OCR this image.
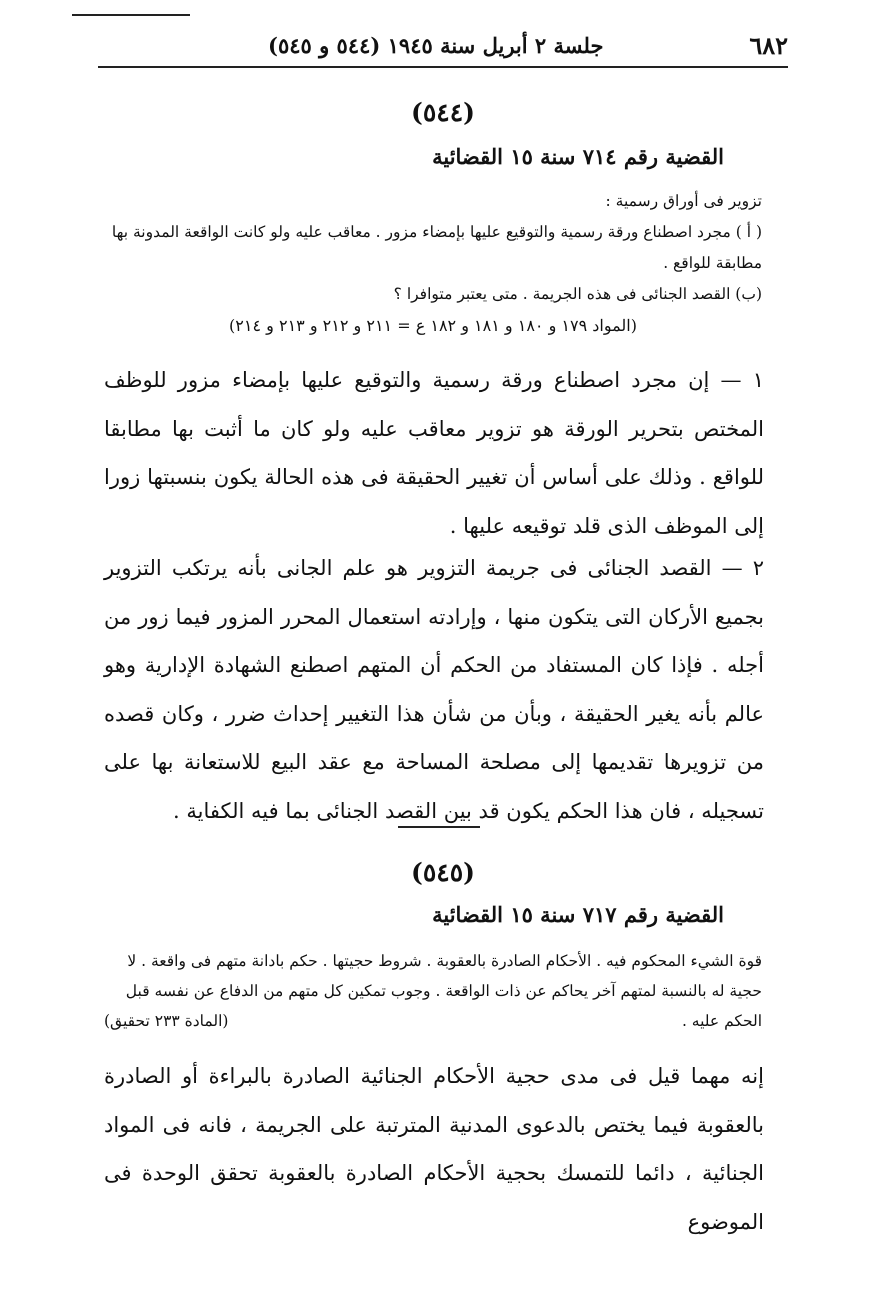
٦٨٢
جلسة ٢ أبريل سنة ١٩٤٥ (٥٤٤ و ٥٤٥)
(٥٤٤)
القضية رقم ٧١٤ سنة ١٥ القضائية

تزوير فى أوراق رسمية :

( أ ) مجرد اصطناع ورقة رسمية والتوقيع عليها بإمضاء مزور . معاقب عليه ولو كانت الواقعة المدونة بها مطابقة للواقع .

(ب) القصد الجنائى فى هذه الجريمة . متى يعتبر متوافرا ؟

(المواد ١٧٩ و ١٨٠ و ١٨١ و ١٨٢ ع = ٢١١ و ٢١٢ و ٢١٣ و ٢١٤)

١ — إن مجرد اصطناع ورقة رسمية والتوقيع عليها بإمضاء مزور للوظف المختص بتحرير الورقة هو تزوير معاقب عليه ولو كان ما أثبت بها مطابقا للواقع . وذلك على أساس أن تغيير الحقيقة فى هذه الحالة يكون بنسبتها زورا إلى الموظف الذى قلد توقيعه عليها .

٢ — القصد الجنائى فى جريمة التزوير هو علم الجانى بأنه يرتكب التزوير بجميع الأركان التى يتكون منها ، وإرادته استعمال المحرر المزور فيما زور من أجله . فإذا كان المستفاد من الحكم أن المتهم اصطنع الشهادة الإدارية وهو عالم بأنه يغير الحقيقة ، وبأن من شأن هذا التغيير إحداث ضرر ، وكان قصده من تزويرها تقديمها إلى مصلحة المساحة مع عقد البيع للاستعانة بها على تسجيله ، فان هذا الحكم يكون قد بين القصد الجنائى بما فيه الكفاية .

(٥٤٥)
القضية رقم ٧١٧ سنة ١٥ القضائية

قوة الشيء المحكوم فيه . الأحكام الصادرة بالعقوبة . شروط حجيتها . حكم بادانة متهم فى واقعة . لا حجية له بالنسبة لمتهم آخر يحاكم عن ذات الواقعة . وجوب تمكين كل متهم من الدفاع عن نفسه قبل الحكم عليه .

(المادة ٢٣٣ تحقيق)

إنه مهما قيل فى مدى حجية الأحكام الجنائية الصادرة بالبراءة أو الصادرة بالعقوبة فيما يختص بالدعوى المدنية المترتبة على الجريمة ، فانه فى المواد الجنائية ، دائما للتمسك بحجية الأحكام الصادرة بالعقوبة تحقق الوحدة فى الموضوع
